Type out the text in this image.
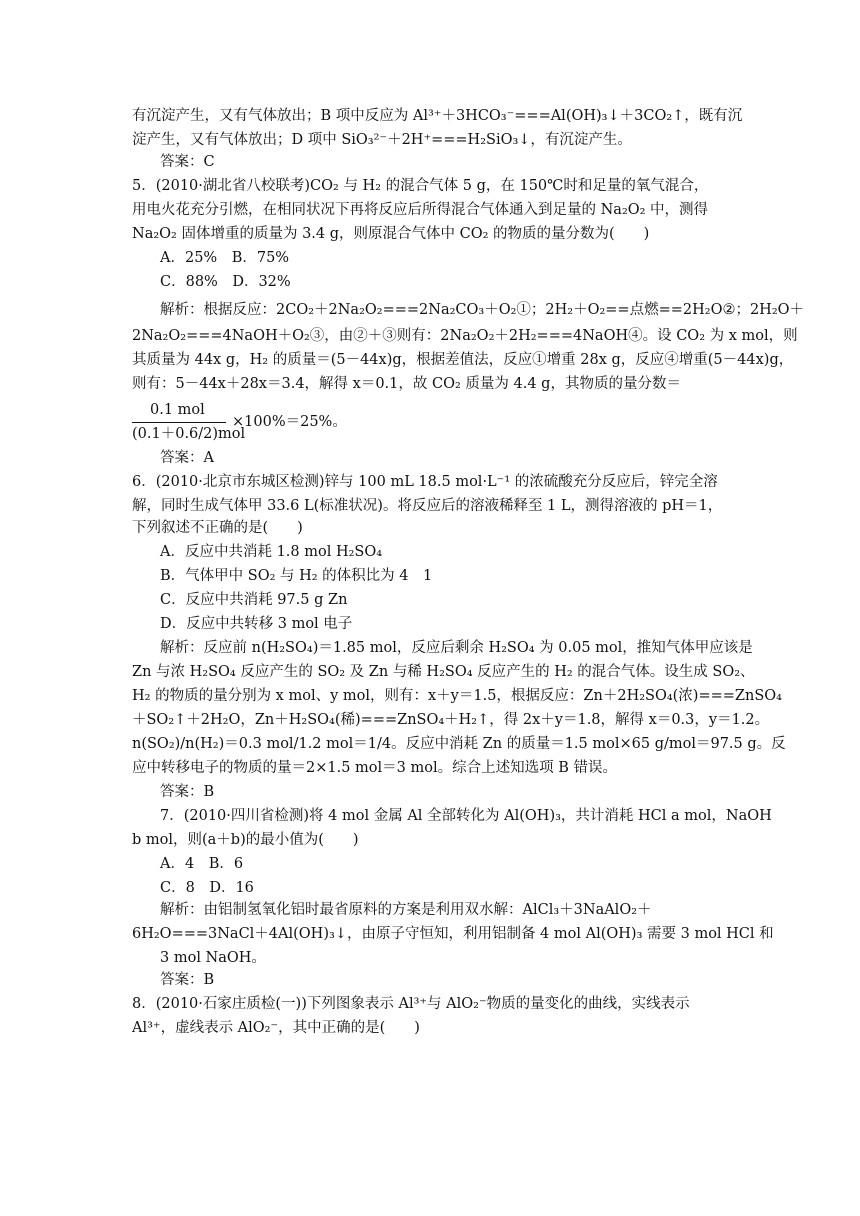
有沉淀产生，又有气体放出；B 项中反应为 Al³⁺＋3HCO₃⁻===Al(OH)₃↓＋3CO₂↑，既有沉
淀产生，又有气体放出；D 项中 SiO₃²⁻＋2H⁺===H₂SiO₃↓，有沉淀产生。
答案：C
5．(2010·湖北省八校联考)CO₂ 与 H₂ 的混合气体 5 g，在 150℃时和足量的氧气混合，
用电火花充分引燃，在相同状况下再将反应后所得混合气体通入到足量的 Na₂O₂ 中，测得
Na₂O₂ 固体增重的质量为 3.4 g，则原混合气体中 CO₂ 的物质的量分数为(　　)
A．25%　B．75%
C．88%　D．32%
解析：根据反应：2CO₂＋2Na₂O₂===2Na₂CO₃＋O₂①；2H₂＋O₂==点燃==2H₂O②；2H₂O＋
2Na₂O₂===4NaOH＋O₂③，由②＋③则有：2Na₂O₂＋2H₂===4NaOH④。设 CO₂ 为 x mol，则
其质量为 44x g，H₂ 的质量＝(5－44x)g，根据差值法，反应①增重 28x g，反应④增重(5－44x)g，
则有：5－44x＋28x＝3.4，解得 x＝0.1，故 CO₂ 质量为 4.4 g，其物质的量分数＝
答案：A
6．(2010·北京市东城区检测)锌与 100 mL 18.5 mol·L⁻¹ 的浓硫酸充分反应后，锌完全溶
解，同时生成气体甲 33.6 L(标准状况)。将反应后的溶液稀释至 1 L，测得溶液的 pH＝1，
下列叙述不正确的是(　　)
A．反应中共消耗 1.8 mol H₂SO₄
B．气体甲中 SO₂ 与 H₂ 的体积比为 4　1
C．反应中共消耗 97.5 g Zn
D．反应中共转移 3 mol 电子
解析：反应前 n(H₂SO₄)＝1.85 mol，反应后剩余 H₂SO₄ 为 0.05 mol，推知气体甲应该是
Zn 与浓 H₂SO₄ 反应产生的 SO₂ 及 Zn 与稀 H₂SO₄ 反应产生的 H₂ 的混合气体。设生成 SO₂、
H₂ 的物质的量分别为 x mol、y mol，则有：x＋y＝1.5，根据反应：Zn＋2H₂SO₄(浓)===ZnSO₄
＋SO₂↑＋2H₂O，Zn＋H₂SO₄(稀)===ZnSO₄＋H₂↑，得 2x＋y＝1.8，解得 x＝0.3，y＝1.2。
n(SO₂)/n(H₂)＝0.3 mol/1.2 mol＝1/4。反应中消耗 Zn 的质量＝1.5 mol×65 g/mol＝97.5 g。反
应中转移电子的物质的量＝2×1.5 mol＝3 mol。综合上述知选项 B 错误。
答案：B
7．(2010·四川省检测)将 4 mol 金属 Al 全部转化为 Al(OH)₃，共计消耗 HCl a mol，NaOH
b mol，则(a＋b)的最小值为(　　)
A．4　B．6
C．8　D．16
解析：由铝制氢氧化铝时最省原料的方案是利用双水解：AlCl₃＋3NaAlO₂＋
6H₂O===3NaCl＋4Al(OH)₃↓，由原子守恒知，利用铝制备 4 mol Al(OH)₃ 需要 3 mol HCl 和
3 mol NaOH。
答案：B
8．(2010·石家庄质检(一))下列图象表示 Al³⁺与 AlO₂⁻物质的量变化的曲线，实线表示
Al³⁺，虚线表示 AlO₂⁻，其中正确的是(　　)
0.1 mol
(0.1＋0.6/2)mol
×100%＝25%。
